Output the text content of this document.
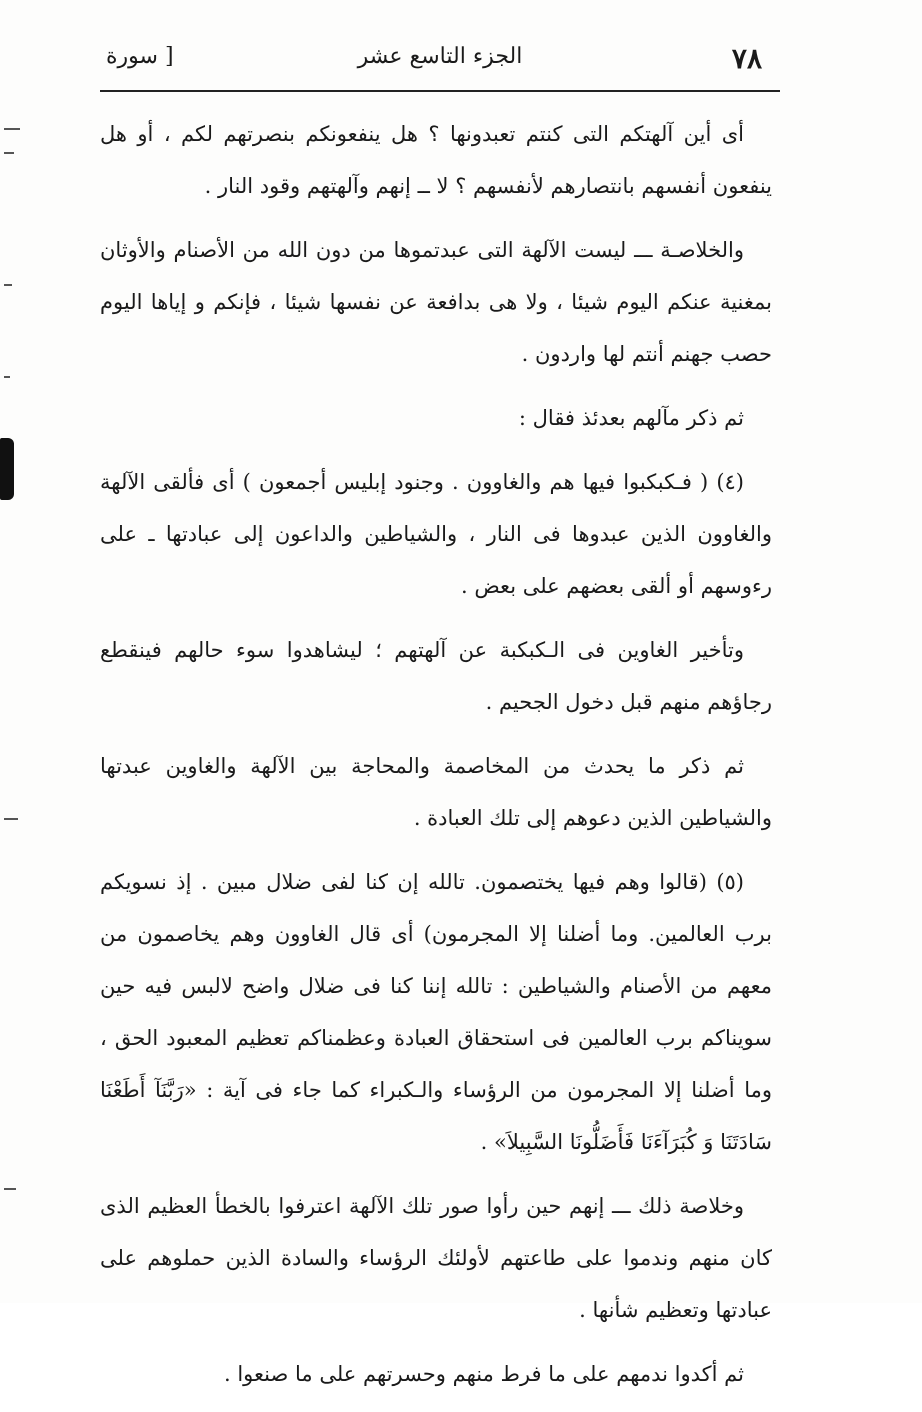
٧٨
الجزء التاسع عشر
[ سورة

أى أين آلهتكم التى كنتم تعبدونها ؟ هل ينفعونكم بنصرتهم لكم ، أو هل ينفعون أنفسهم بانتصارهم لأنفسهم ؟ لا ــ إنهم وآلهتهم وقود النار .

والخلاصـة ـــ ليست الآلهة التى عبدتموها من دون الله من الأصنام والأوثان بمغنية عنكم اليوم شيئا ، ولا هى بدافعة عن نفسها شيئا ، فإنكم و إياها اليوم حصب جهنم أنتم لها واردون .

ثم ذكر مآلهم بعدئذ فقال :

(٤) ( فـكبكبوا فيها هم والغاوون . وجنود إبليس أجمعون ) أى فألقى الآلهة والغاوون الذين عبدوها فى النار ، والشياطين والداعون إلى عبادتها ـ على رءوسهم أو ألقى بعضهم على بعض .

وتأخير الغاوين فى الـكبكبة عن آلهتهم ؛ ليشاهدوا سوء حالهم فينقطع رجاؤهم منهم قبل دخول الجحيم .

ثم ذكر ما يحدث من المخاصمة والمحاجة بين الآلهة والغاوين عبدتها والشياطين الذين دعوهم إلى تلك العبادة .

(٥) (قالوا وهم فيها يختصمون. تالله إن كنا لفى ضلال مبين . إذ نسويكم برب العالمين. وما أضلنا إلا المجرمون) أى قال الغاوون وهم يخاصمون من معهم من الأصنام والشياطين : تالله إننا كنا فى ضلال واضح لالبس فيه حين سويناكم برب العالمين فى استحقاق العبادة وعظمناكم تعظيم المعبود الحق ، وما أضلنا إلا المجرمون من الرؤساء والـكبراء كما جاء فى آية : «رَبَّنَآ أَطَعْنَا سَادَتَنَا وَ كُبَرَآءَنَا فَأَضَلُّونَا السَّبِيلاَ» .

وخلاصة ذلك ـــ إنهم حين رأوا صور تلك الآلهة اعترفوا بالخطأ العظيم الذى كان منهم وندموا على طاعتهم لأولئك الرؤساء والسادة الذين حملوهم على عبادتها وتعظيم شأنها .

ثم أكدوا ندمهم على ما فرط منهم وحسرتهم على ما صنعوا .
